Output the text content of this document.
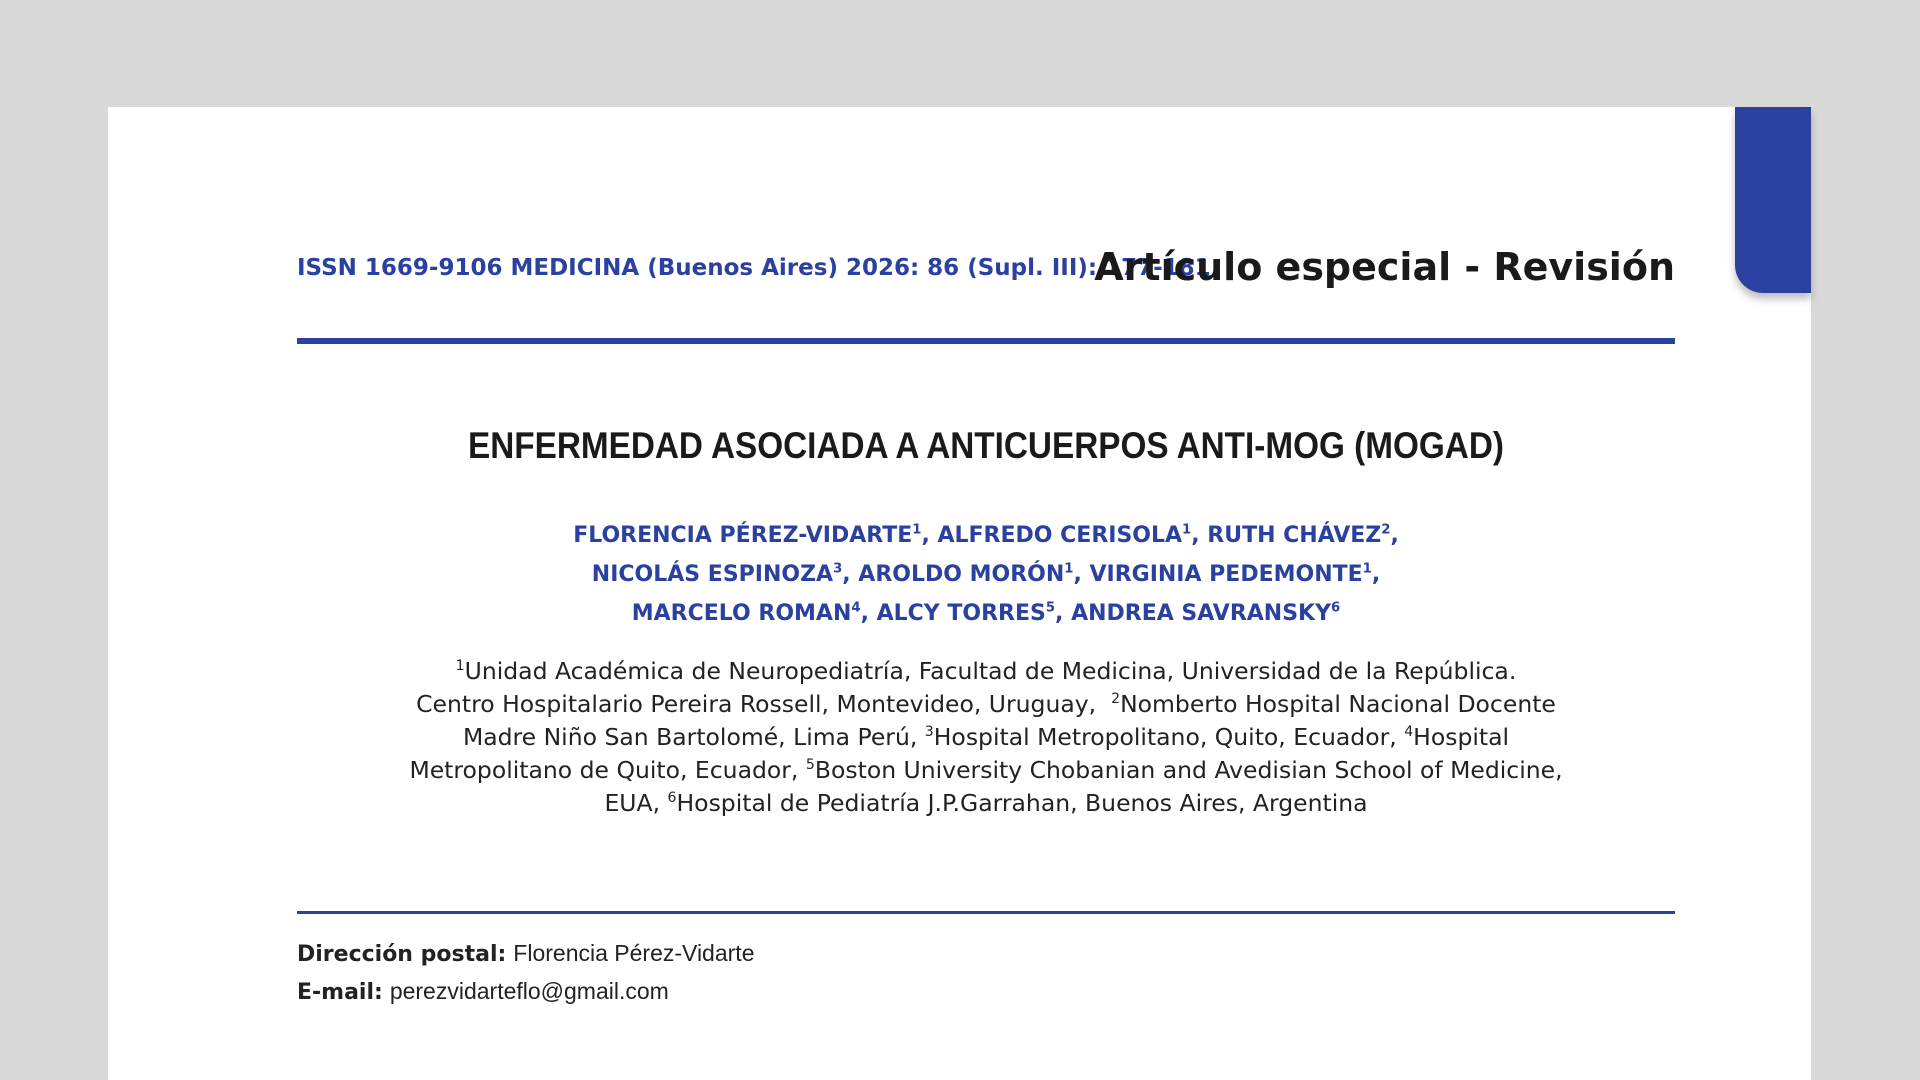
ISSN 1669-9106 MEDICINA (Buenos Aires) 2026: 86 (Supl. III): 177-181
Artículo especial - Revisión
ENFERMEDAD ASOCIADA A ANTICUERPOS ANTI-MOG (MOGAD)
FLORENCIA PÉREZ-VIDARTE$^1$, ALFREDO CERISOLA$^1$, RUTH CHÁVEZ$^2$,
NICOLÁS ESPINOZA$^3$, AROLDO MORÓN$^1$, VIRGINIA PEDEMONTE$^1$,
MARCELO ROMAN$^4$, ALCY TORRES$^5$, ANDREA SAVRANSKY$^6$
$^1$Unidad Académica de Neuropediatría, Facultad de Medicina, Universidad de la República.
Centro Hospitalario Pereira Rossell, Montevideo, Uruguay, $^2$Nomberto Hospital Nacional Docente
Madre Niño San Bartolomé, Lima Perú, $^3$Hospital Metropolitano, Quito, Ecuador, $^4$Hospital
Metropolitano de Quito, Ecuador, $^5$Boston University Chobanian and Avedisian School of Medicine,
EUA, $^6$Hospital de Pediatría J.P.Garrahan, Buenos Aires, Argentina
Dirección postal: Florencia Pérez-Vidarte
E-mail: perezvidarteflo@gmail.com
